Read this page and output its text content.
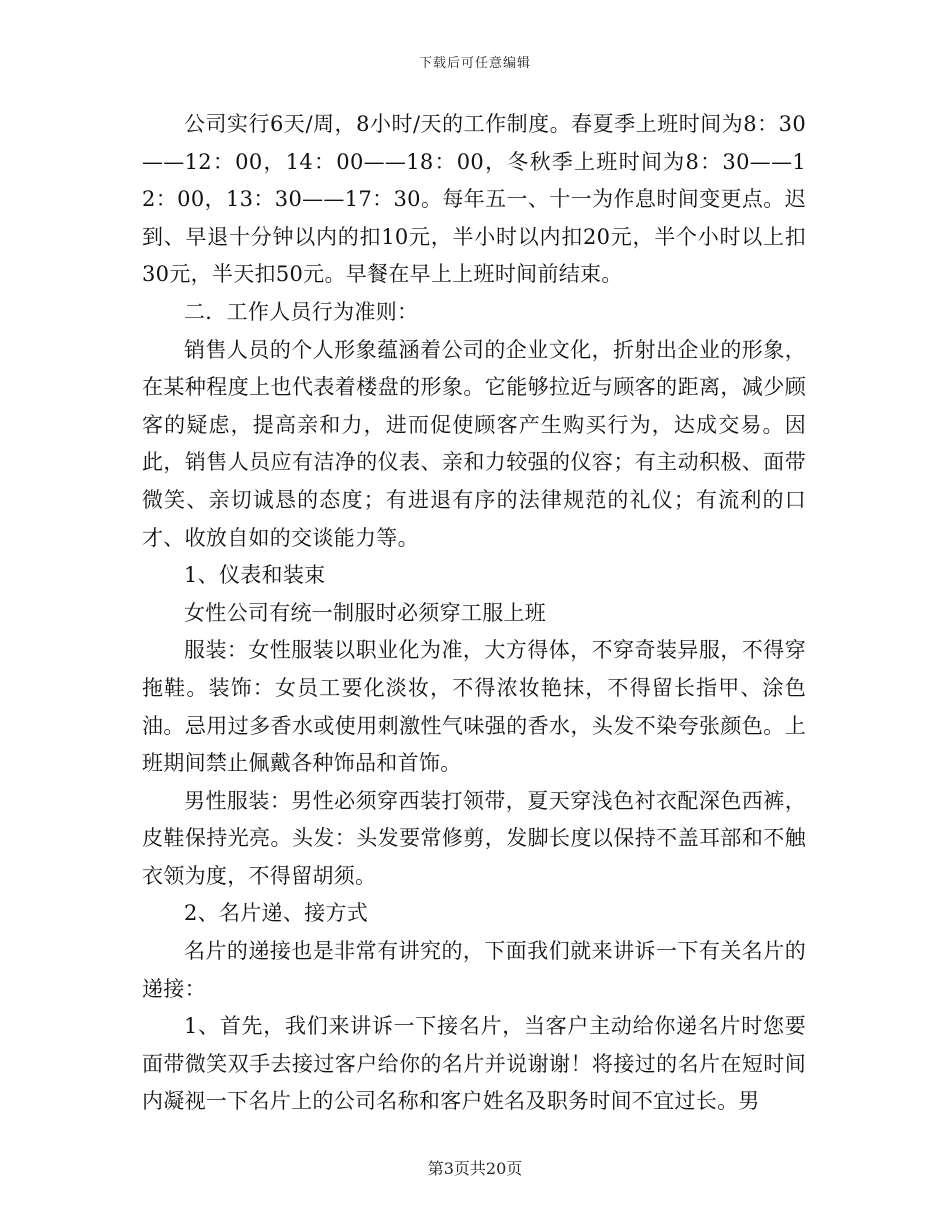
下载后可任意编辑

公司实行6天/周，8小时/天的工作制度。春夏季上班时间为8：30——12：00，14：00——18：00，冬秋季上班时间为8：30——12：00，13：30——17：30。每年五一、十一为作息时间变更点。迟到、早退十分钟以内的扣10元，半小时以内扣20元，半个小时以上扣30元，半天扣50元。早餐在早上上班时间前结束。

二．工作人员行为准则：

销售人员的个人形象蕴涵着公司的企业文化，折射出企业的形象，在某种程度上也代表着楼盘的形象。它能够拉近与顾客的距离，减少顾客的疑虑，提高亲和力，进而促使顾客产生购买行为，达成交易。因此，销售人员应有洁净的仪表、亲和力较强的仪容；有主动积极、面带微笑、亲切诚恳的态度；有进退有序的法律规范的礼仪；有流利的口才、收放自如的交谈能力等。

1、仪表和装束

女性公司有统一制服时必须穿工服上班

服装：女性服装以职业化为准，大方得体，不穿奇装异服，不得穿拖鞋。装饰：女员工要化淡妆，不得浓妆艳抹，不得留长指甲、涂色油。忌用过多香水或使用刺激性气味强的香水，头发不染夸张颜色。上班期间禁止佩戴各种饰品和首饰。

男性服装：男性必须穿西装打领带，夏天穿浅色衬衣配深色西裤，皮鞋保持光亮。头发：头发要常修剪，发脚长度以保持不盖耳部和不触衣领为度，不得留胡须。

2、名片递、接方式

名片的递接也是非常有讲究的，下面我们就来讲诉一下有关名片的递接：

1、首先，我们来讲诉一下接名片，当客户主动给你递名片时您要面带微笑双手去接过客户给你的名片并说谢谢！将接过的名片在短时间内凝视一下名片上的公司名称和客户姓名及职务时间不宜过长。男

第3页共20页
